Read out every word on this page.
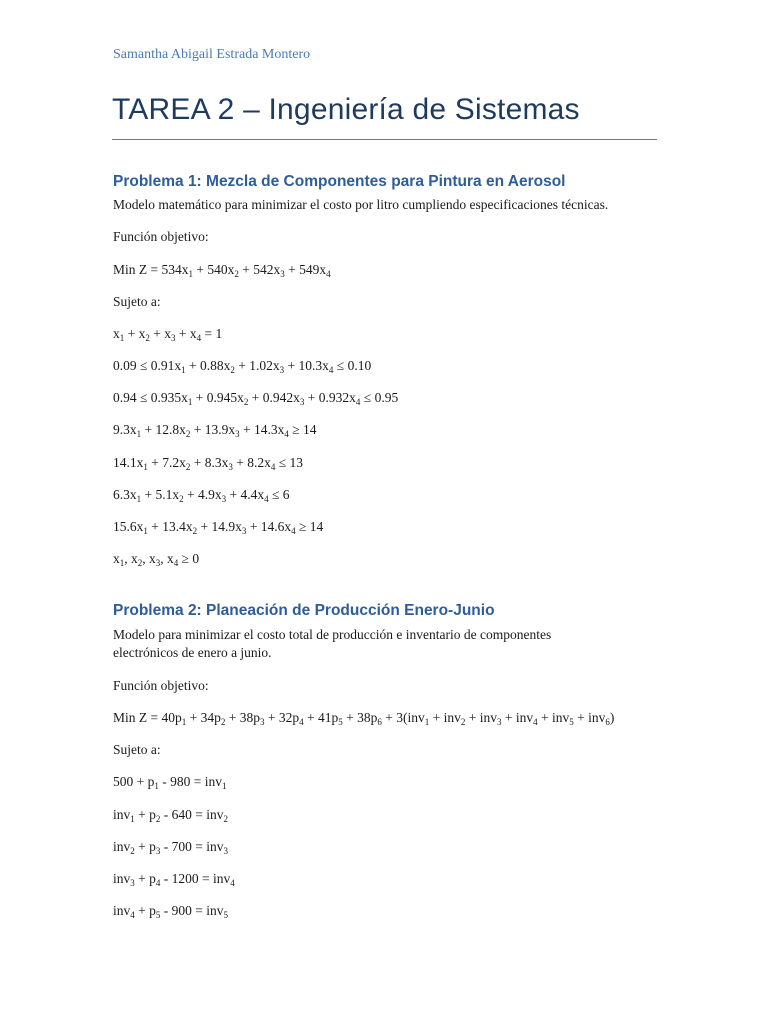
Samantha Abigail Estrada Montero
TAREA 2 – Ingeniería de Sistemas
Problema 1: Mezcla de Componentes para Pintura en Aerosol
Modelo matemático para minimizar el costo por litro cumpliendo especificaciones técnicas.
Función objetivo:
Min $Z = 534x_1 + 540x_2 + 542x_3 + 549x_4$
Sujeto a:
$x_1 + x_2 + x_3 + x_4 = 1$
$0.09 \le 0.91x_1 + 0.88x_2 + 1.02x_3 + 10.3x_4 \le 0.10$
$0.94 \le 0.935x_1 + 0.945x_2 + 0.942x_3 + 0.932x_4 \le 0.95$
$9.3x_1 + 12.8x_2 + 13.9x_3 + 14.3x_4 \ge 14$
$14.1x_1 + 7.2x_2 + 8.3x_3 + 8.2x_4 \le 13$
$6.3x_1 + 5.1x_2 + 4.9x_3 + 4.4x_4 \le 6$
$15.6x_1 + 13.4x_2 + 14.9x_3 + 14.6x_4 \ge 14$
$x_1$, $x_2$, $x_3$, $x_4 \ge 0$
Problema 2: Planeación de Producción Enero-Junio
Modelo para minimizar el costo total de producción e inventario de componentes
electrónicos de enero a junio.
Función objetivo:
Min $Z = 40p_1 + 34p_2 + 38p_3 + 32p_4 + 41p_5 + 38p_6 + 3(inv_1 + inv_2 + inv_3 + inv_4 + inv_5 + inv_6)$
Sujeto a:
$500 + p_1 - 980 = inv_1$
$inv_1 + p_2 - 640 = inv_2$
$inv_2 + p_3 - 700 = inv_3$
$inv_3 + p_4 - 1200 = inv_4$
$inv_4 + p_5 - 900 = inv_5$
